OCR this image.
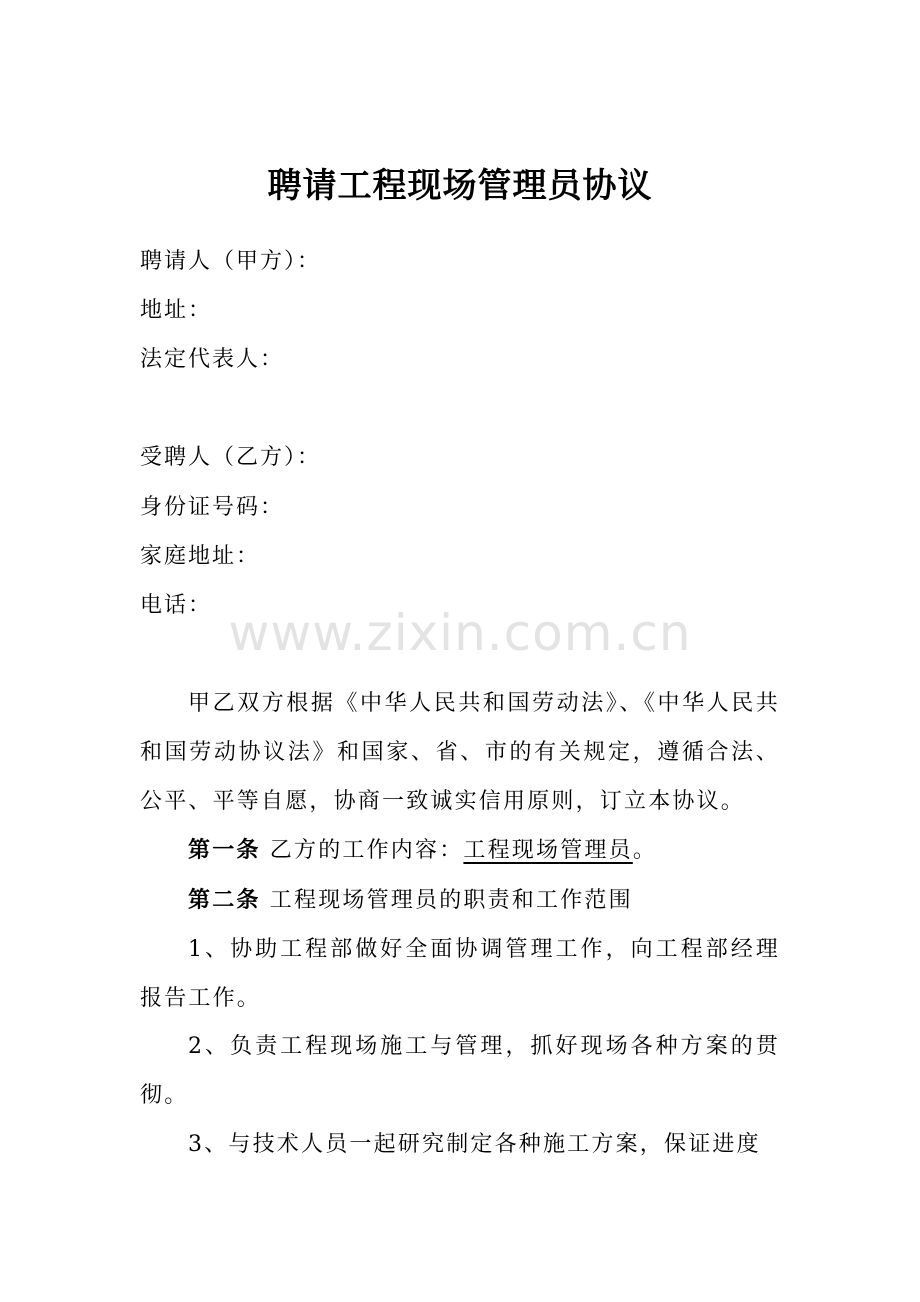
聘请工程现场管理员协议
聘请人（甲方）：
地址：
法定代表人：
受聘人（乙方）：
身份证号码：
家庭地址：
电话： www.zixin.com.cn
甲乙双方根据《中华人民共和国劳动法》、《中华人民共和国劳动协议法》和国家、省、市的有关规定，遵循合法、公平、平等自愿，协商一致诚实信用原则，订立本协议。
第一条 乙方的工作内容：工程现场管理员。
第二条 工程现场管理员的职责和工作范围
1、协助工程部做好全面协调管理工作，向工程部经理报告工作。
2、负责工程现场施工与管理，抓好现场各种方案的贯彻。
3、与技术人员一起研究制定各种施工方案，保证进度
